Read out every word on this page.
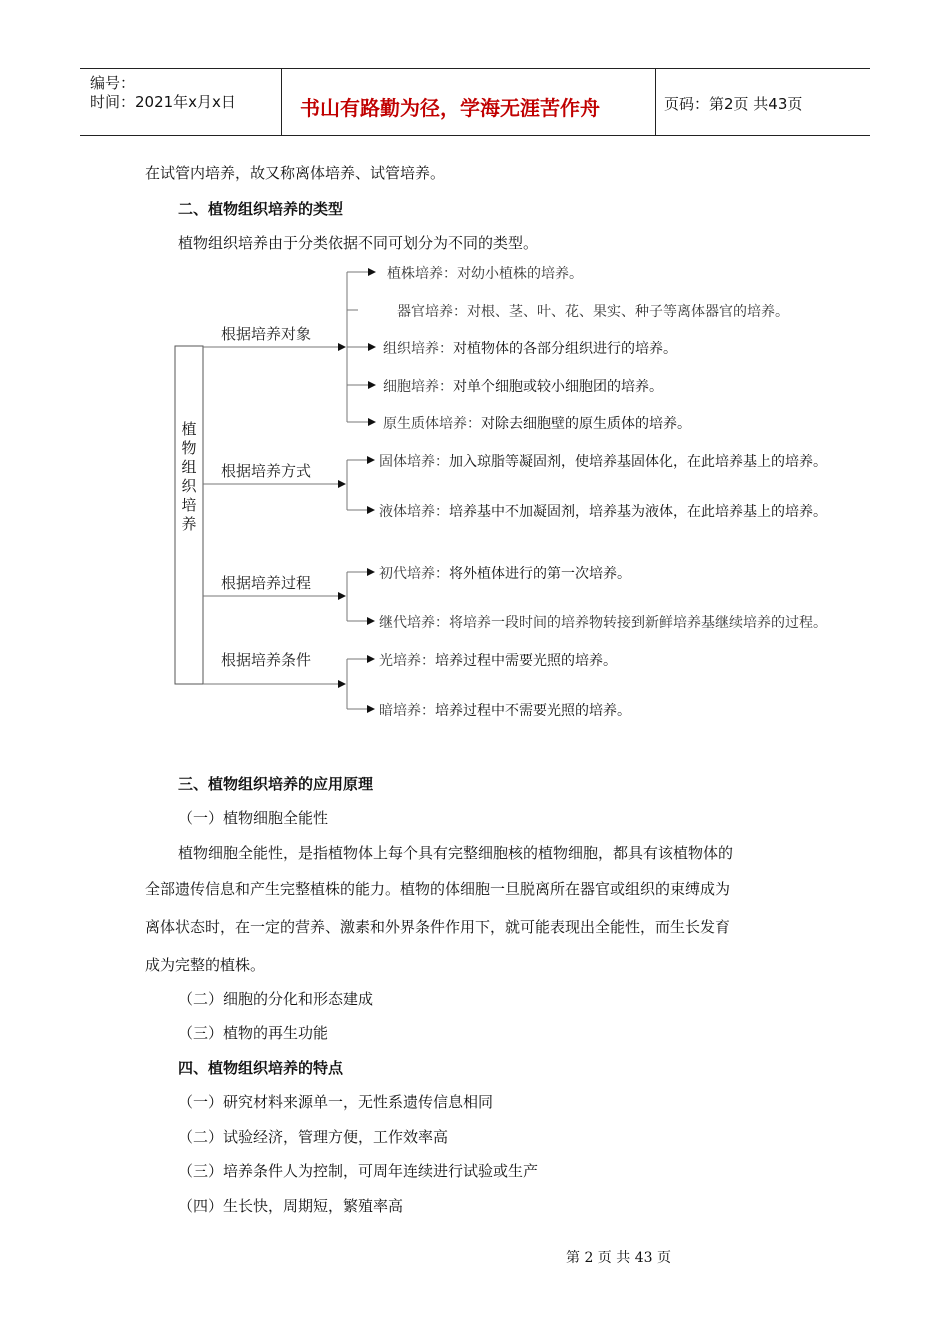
编号：
时间：2021年x月x日	书山有路勤为径，学海无涯苦作舟	页码：第2页 共43页
在试管内培养，故又称离体培养、试管培养。
二、植物组织培养的类型
植物组织培养由于分类依据不同可划分为不同的类型。
植
物
组
织
培
养
根据培养对象
根据培养方式
根据培养过程
根据培养条件
植株培养：对幼小植株的培养。
器官培养：对根、茎、叶、花、果实、种子等离体器官的培养。
组织培养：对植物体的各部分组织进行的培养。
细胞培养：对单个细胞或较小细胞团的培养。
原生质体培养：对除去细胞壁的原生质体的培养。
固体培养：加入琼脂等凝固剂，使培养基固体化，在此培养基上的培养。
液体培养：培养基中不加凝固剂，培养基为液体，在此培养基上的培养。
初代培养：将外植体进行的第一次培养。
继代培养：将培养一段时间的培养物转接到新鲜培养基继续培养的过程。
光培养：培养过程中需要光照的培养。
暗培养：培养过程中不需要光照的培养。
三、植物组织培养的应用原理
（一）植物细胞全能性
植物细胞全能性，是指植物体上每个具有完整细胞核的植物细胞，都具有该植物体的
全部遗传信息和产生完整植株的能力。植物的体细胞一旦脱离所在器官或组织的束缚成为
离体状态时，在一定的营养、激素和外界条件作用下，就可能表现出全能性，而生长发育
成为完整的植株。
（二）细胞的分化和形态建成
（三）植物的再生功能
四、植物组织培养的特点
（一）研究材料来源单一，无性系遗传信息相同
（二）试验经济，管理方便，工作效率高
（三）培养条件人为控制，可周年连续进行试验或生产
（四）生长快，周期短，繁殖率高
第 2 页 共 43 页
